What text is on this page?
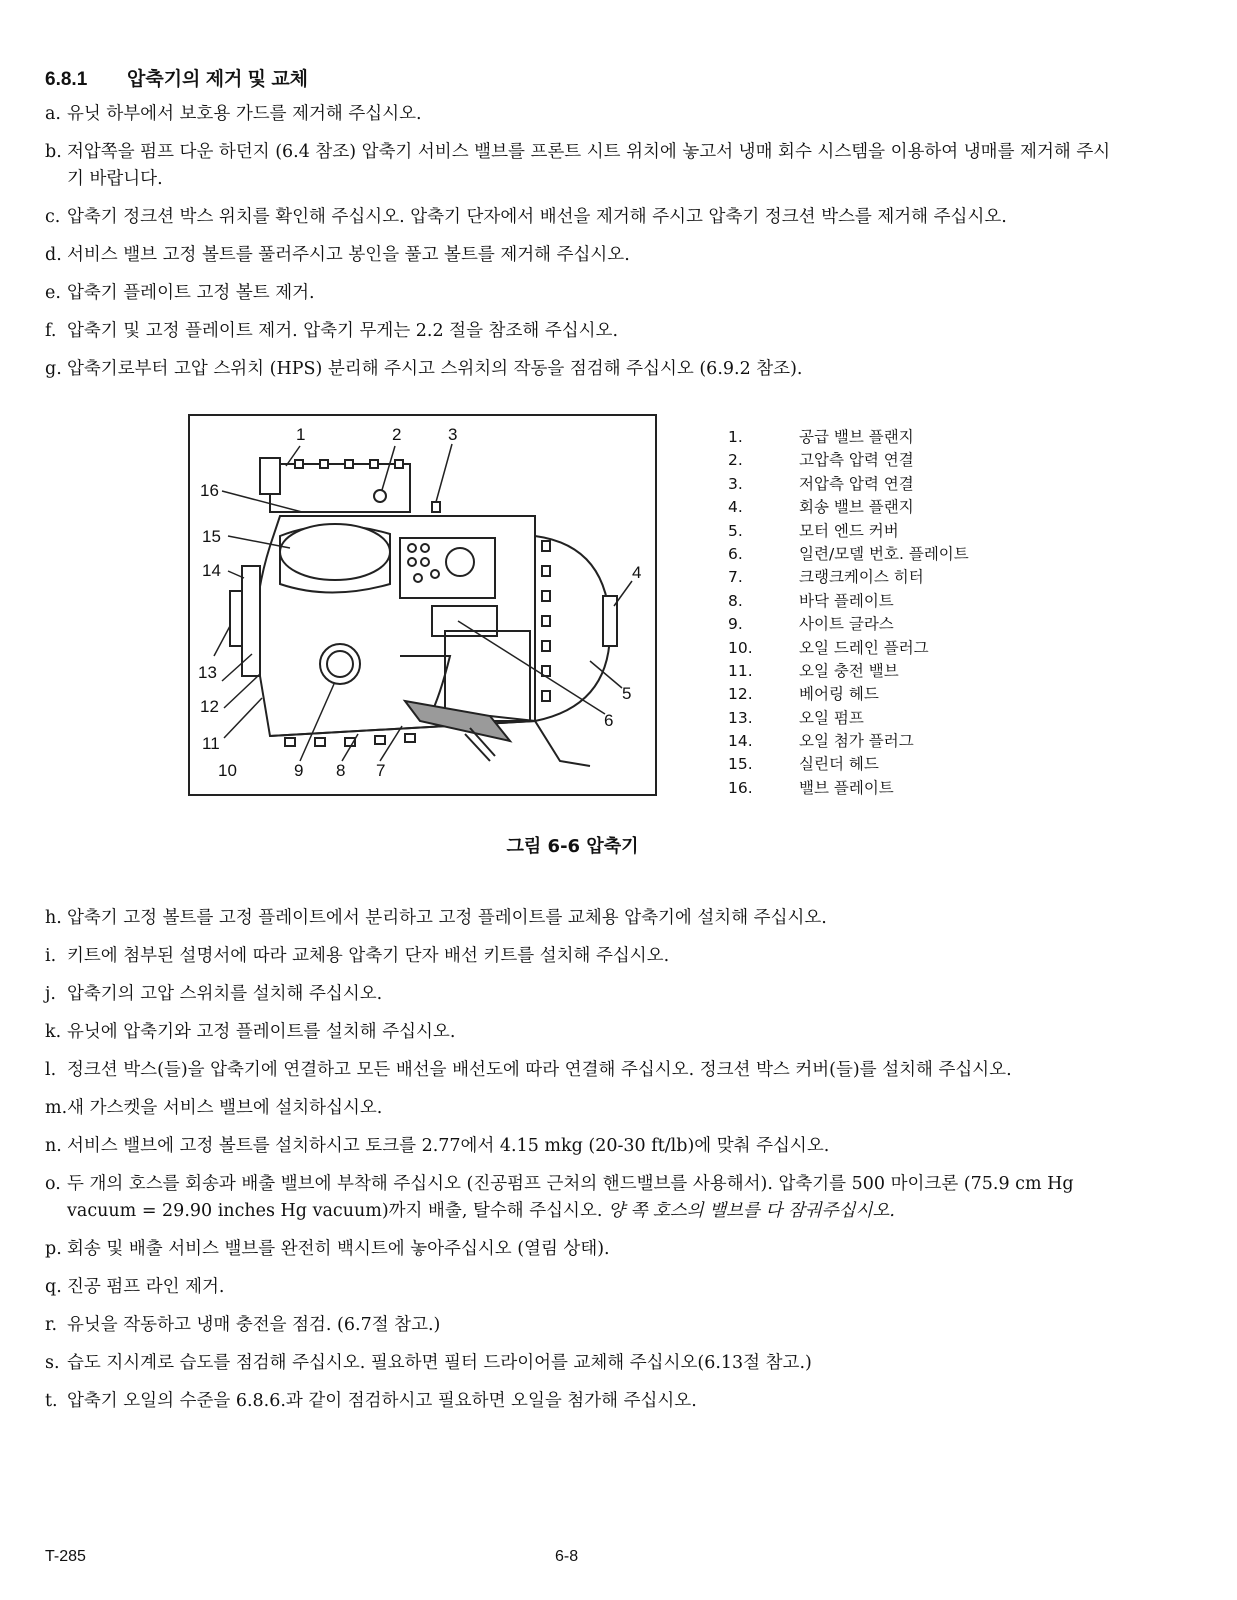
6.8.1 압축기의 제거 및 교체
a. 유닛 하부에서 보호용 가드를 제거해 주십시오.
b. 저압쪽을 펌프 다운 하던지 (6.4 참조) 압축기 서비스 밸브를 프론트 시트 위치에 놓고서 냉매 회수 시스템을 이용하여 냉매를 제거해 주시기 바랍니다.
c. 압축기 정크션 박스 위치를 확인해 주십시오. 압축기 단자에서 배선을 제거해 주시고 압축기 정크션 박스를 제거해 주십시오.
d. 서비스 밸브 고정 볼트를 풀러주시고 봉인을 풀고 볼트를 제거해 주십시오.
e. 압축기 플레이트 고정 볼트 제거.
f. 압축기 및 고정 플레이트 제거. 압축기 무게는 2.2 절을 참조해 주십시오.
g. 압축기로부터 고압 스위치 (HPS) 분리해 주시고 스위치의 작동을 점검해 주십시오 (6.9.2 참조).
1	2	3
4
5
6
7
8
9
10
11
12
13
14
15
16
1.	공급 밸브 플랜지
2.	고압측 압력 연결
3.	저압측 압력 연결
4.	회송 밸브 플랜지
5.	모터 엔드 커버
6.	일련/모델 번호. 플레이트
7.	크랭크케이스 히터
8.	바닥 플레이트
9.	사이트 글라스
10.	오일 드레인 플러그
11.	오일 충전 밸브
12.	베어링 헤드
13.	오일 펌프
14.	오일 첨가 플러그
15.	실린더 헤드
16.	밸브 플레이트
그림 6-6 압축기
h. 압축기 고정 볼트를 고정 플레이트에서 분리하고 고정 플레이트를 교체용 압축기에 설치해 주십시오.
i. 키트에 첨부된 설명서에 따라 교체용 압축기 단자 배선 키트를 설치해 주십시오.
j. 압축기의 고압 스위치를 설치해 주십시오.
k. 유닛에 압축기와 고정 플레이트를 설치해 주십시오.
l. 정크션 박스(들)을 압축기에 연결하고 모든 배선을 배선도에 따라 연결해 주십시오. 정크션 박스 커버(들)를 설치해 주십시오.
m. 새 가스켓을 서비스 밸브에 설치하십시오.
n. 서비스 밸브에 고정 볼트를 설치하시고 토크를 2.77에서 4.15 mkg (20-30 ft/lb)에 맞춰 주십시오.
o. 두 개의 호스를 회송과 배출 밸브에 부착해 주십시오 (진공펌프 근처의 핸드밸브를 사용해서). 압축기를 500 마이크론 (75.9 cm Hg vacuum = 29.90 inches Hg vacuum)까지 배출, 탈수해 주십시오. 양 쪽 호스의 밸브를 다 잠궈주십시오.
p. 회송 및 배출 서비스 밸브를 완전히 백시트에 놓아주십시오 (열림 상태).
q. 진공 펌프 라인 제거.
r. 유닛을 작동하고 냉매 충전을 점검. (6.7절 참고.)
s. 습도 지시계로 습도를 점검해 주십시오. 필요하면 필터 드라이어를 교체해 주십시오(6.13절 참고.)
t. 압축기 오일의 수준을 6.8.6.과 같이 점검하시고 필요하면 오일을 첨가해 주십시오.
T-285	6-8
